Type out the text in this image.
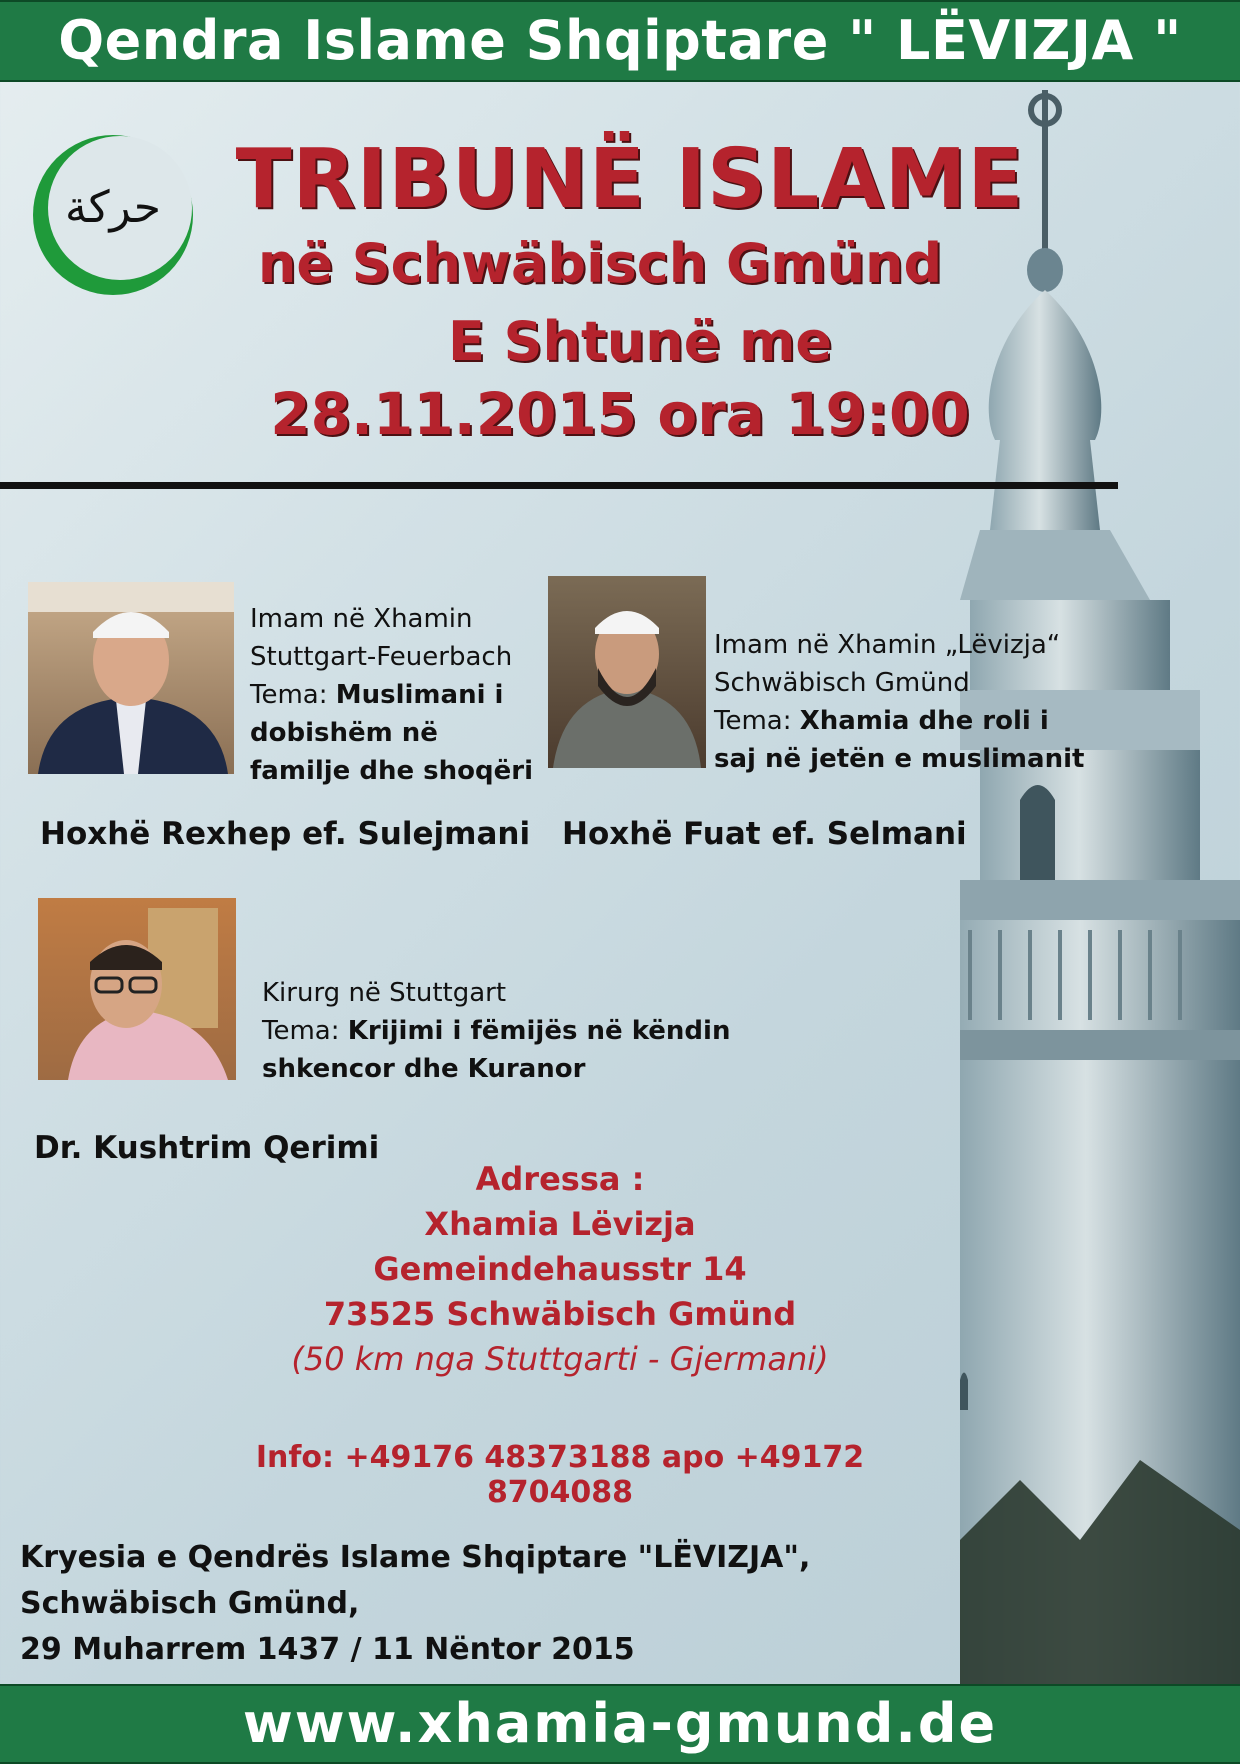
Qendra Islame Shqiptare " LËVIZJA "
حركة TRIBUNË ISLAME
në Schwäbisch Gmünd
E Shtunë me
28.11.2015 ora 19:00
Imam në Xhamin
Stuttgart-Feuerbach
Tema: Muslimani i dobishëm në familje dhe shoqëri
Hoxhë Rexhep ef. Sulejmani
Imam në Xhamin „Lëvizja“
Schwäbisch Gmünd
Tema: Xhamia dhe roli i saj në jetën e muslimanit
Hoxhë Fuat ef. Selmani
Kirurg në Stuttgart
Tema: Krijimi i fëmijës në këndin shkencor dhe Kuranor
Dr. Kushtrim Qerimi
Adressa :
Xhamia Lëvizja
Gemeindehausstr 14
73525 Schwäbisch Gmünd
(50 km nga Stuttgarti - Gjermani)
Info: +49176 48373188 apo +49172 8704088
Kryesia e Qendrës Islame Shqiptare "LËVIZJA",
Schwäbisch Gmünd,
29 Muharrem 1437 / 11 Nëntor 2015
www.xhamia-gmund.de
